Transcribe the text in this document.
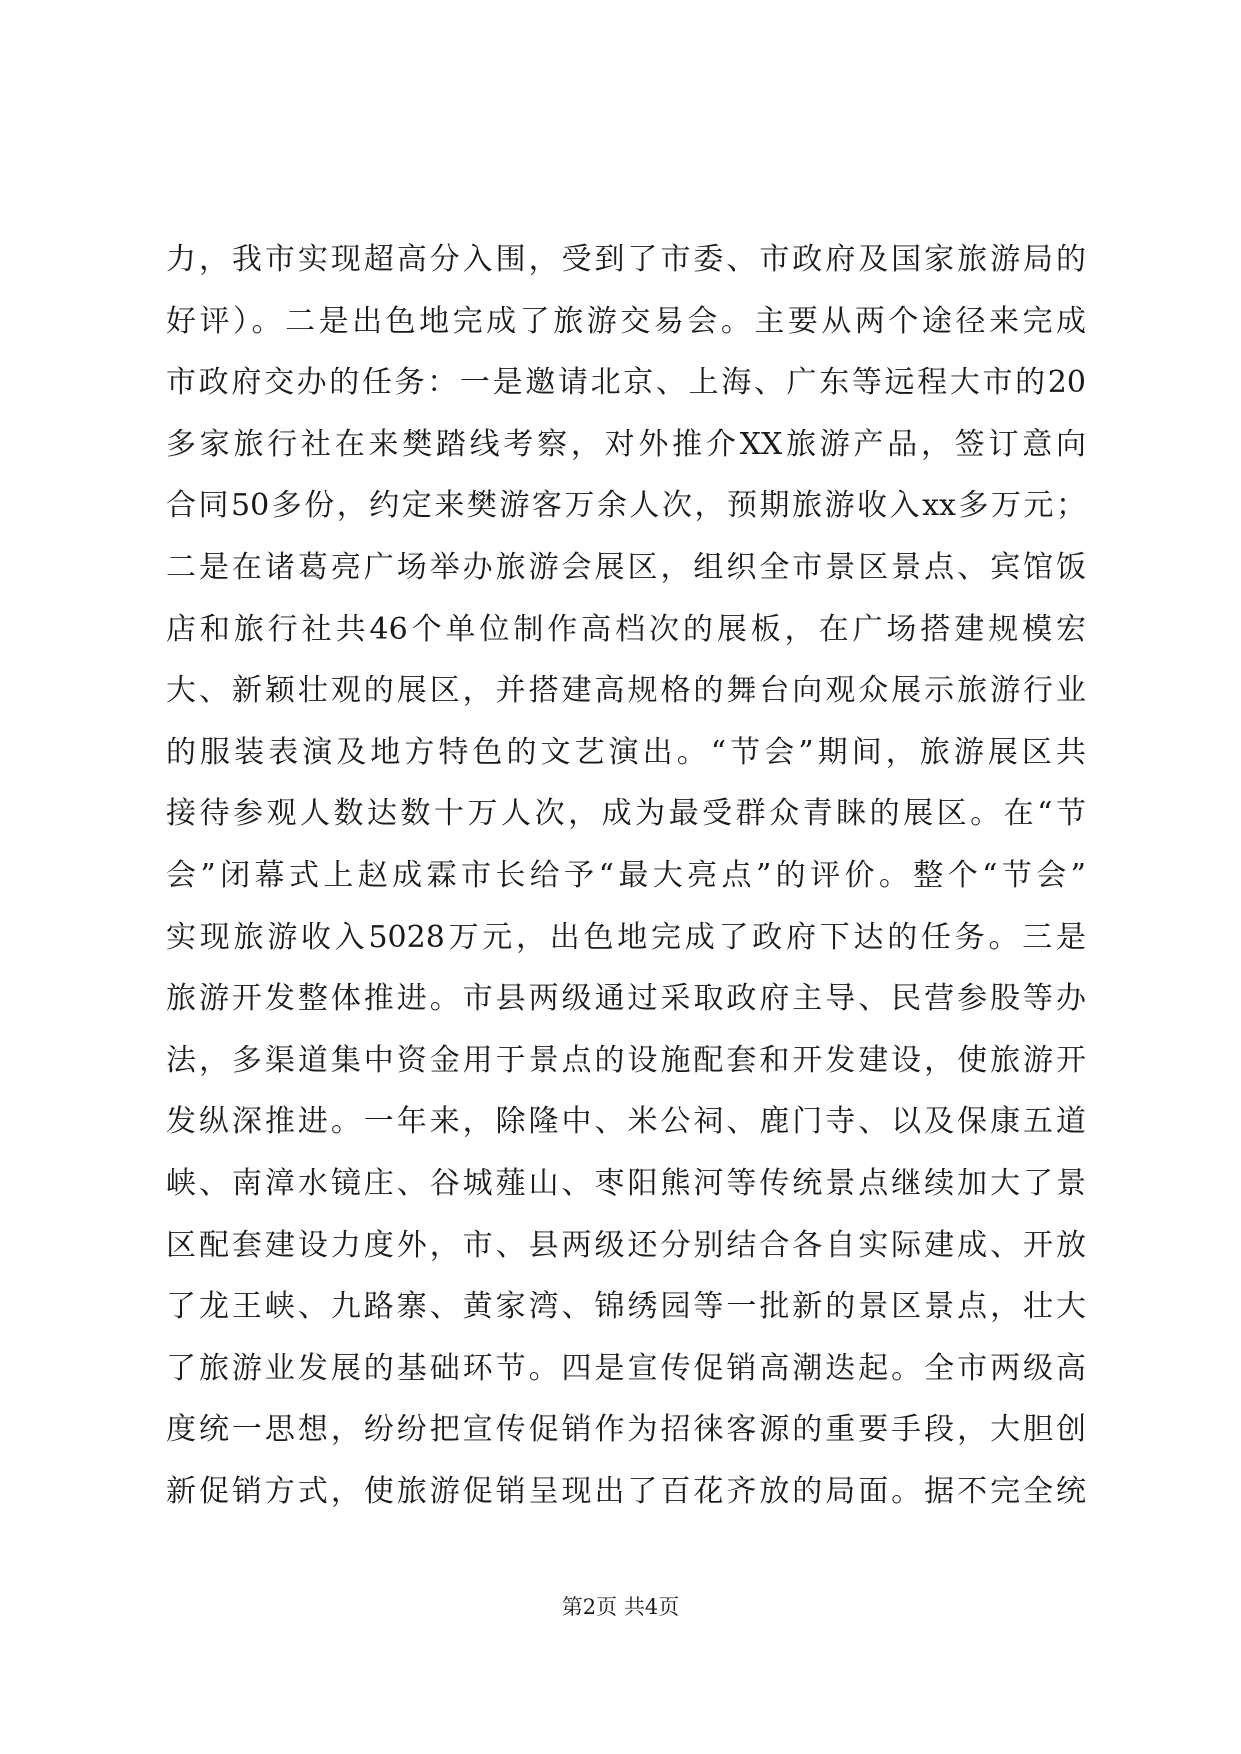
力，我市实现超高分入围，受到了市委、市政府及国家旅游局的
好评）。二是出色地完成了旅游交易会。主要从两个途径来完成
市政府交办的任务：一是邀请北京、上海、广东等远程大市的20
多家旅行社在来樊踏线考察，对外推介XX旅游产品，签订意向
合同50多份，约定来樊游客万余人次，预期旅游收入xx多万元；
二是在诸葛亮广场举办旅游会展区，组织全市景区景点、宾馆饭
店和旅行社共46个单位制作高档次的展板，在广场搭建规模宏
大、新颖壮观的展区，并搭建高规格的舞台向观众展示旅游行业
的服装表演及地方特色的文艺演出。“节会”期间，旅游展区共
接待参观人数达数十万人次，成为最受群众青睐的展区。在“节
会”闭幕式上赵成霖市长给予“最大亮点”的评价。整个“节会”
实现旅游收入5028万元，出色地完成了政府下达的任务。三是
旅游开发整体推进。市县两级通过采取政府主导、民营参股等办
法，多渠道集中资金用于景点的设施配套和开发建设，使旅游开
发纵深推进。一年来，除隆中、米公祠、鹿门寺、以及保康五道
峡、南漳水镜庄、谷城薤山、枣阳熊河等传统景点继续加大了景
区配套建设力度外，市、县两级还分别结合各自实际建成、开放
了龙王峡、九路寨、黄家湾、锦绣园等一批新的景区景点，壮大
了旅游业发展的基础环节。四是宣传促销高潮迭起。全市两级高
度统一思想，纷纷把宣传促销作为招徕客源的重要手段，大胆创
新促销方式，使旅游促销呈现出了百花齐放的局面。据不完全统
第2页 共4页
